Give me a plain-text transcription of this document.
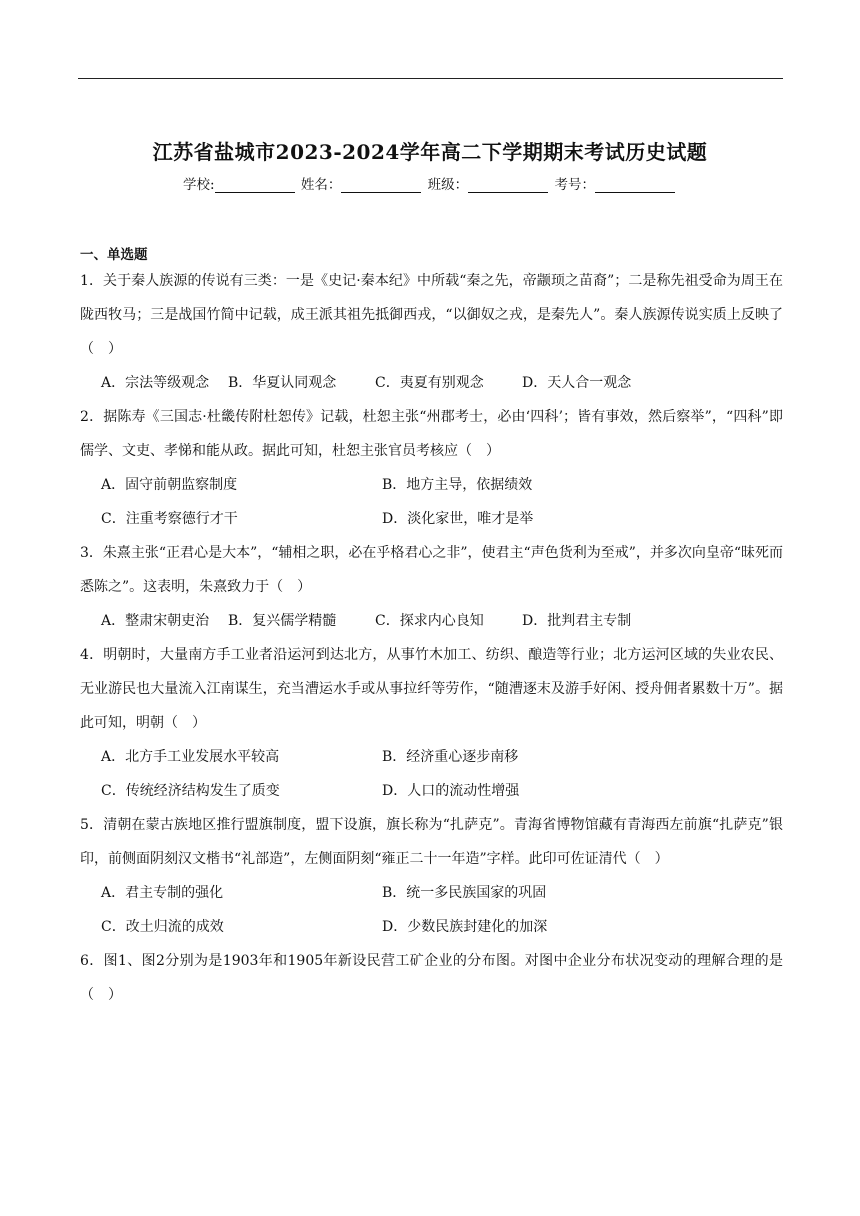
江苏省盐城市2023-2024学年高二下学期期末考试历史试题
学校:	姓名：	班级：	考号：
一、单选题

1．关于秦人族源的传说有三类：一是《史记·秦本纪》中所载“秦之先，帝颛顼之苗裔”；二是称先祖受命为周王在陇西牧马；三是战国竹简中记载，成王派其祖先抵御西戎，“以御奴之戎，是秦先人”。秦人族源传说实质上反映了（　）

A．宗法等级观念	B．华夏认同观念	C．夷夏有别观念	D．天人合一观念

2．据陈寿《三国志·杜畿传附杜恕传》记载，杜恕主张“州郡考士，必由‘四科’；皆有事效，然后察举”，“四科”即儒学、文吏、孝悌和能从政。据此可知，杜恕主张官员考核应（　）

A．固守前朝监察制度	B．地方主导，依据绩效
C．注重考察德行才干	D．淡化家世，唯才是举

3．朱熹主张“正君心是大本”，“辅相之职，必在乎格君心之非”，使君主“声色货利为至戒”，并多次向皇帝“昧死而悉陈之”。这表明，朱熹致力于（　）

A．整肃宋朝吏治	B．复兴儒学精髓	C．探求内心良知	D．批判君主专制

4．明朝时，大量南方手工业者沿运河到达北方，从事竹木加工、纺织、酿造等行业；北方运河区域的失业农民、无业游民也大量流入江南谋生，充当漕运水手或从事拉纤等劳作，“随漕逐末及游手好闲、授舟佣者累数十万”。据此可知，明朝（　）

A．北方手工业发展水平较高	B．经济重心逐步南移
C．传统经济结构发生了质变	D．人口的流动性增强

5．清朝在蒙古族地区推行盟旗制度，盟下设旗，旗长称为“扎萨克”。青海省博物馆藏有青海西左前旗“扎萨克”银印，前侧面阴刻汉文楷书“礼部造”，左侧面阴刻“雍正二十一年造”字样。此印可佐证清代（　）

A．君主专制的强化	B．统一多民族国家的巩固
C．改土归流的成效	D．少数民族封建化的加深

6．图1、图2分别为是1903年和1905年新设民营工矿企业的分布图。对图中企业分布状况变动的理解合理的是（　）
